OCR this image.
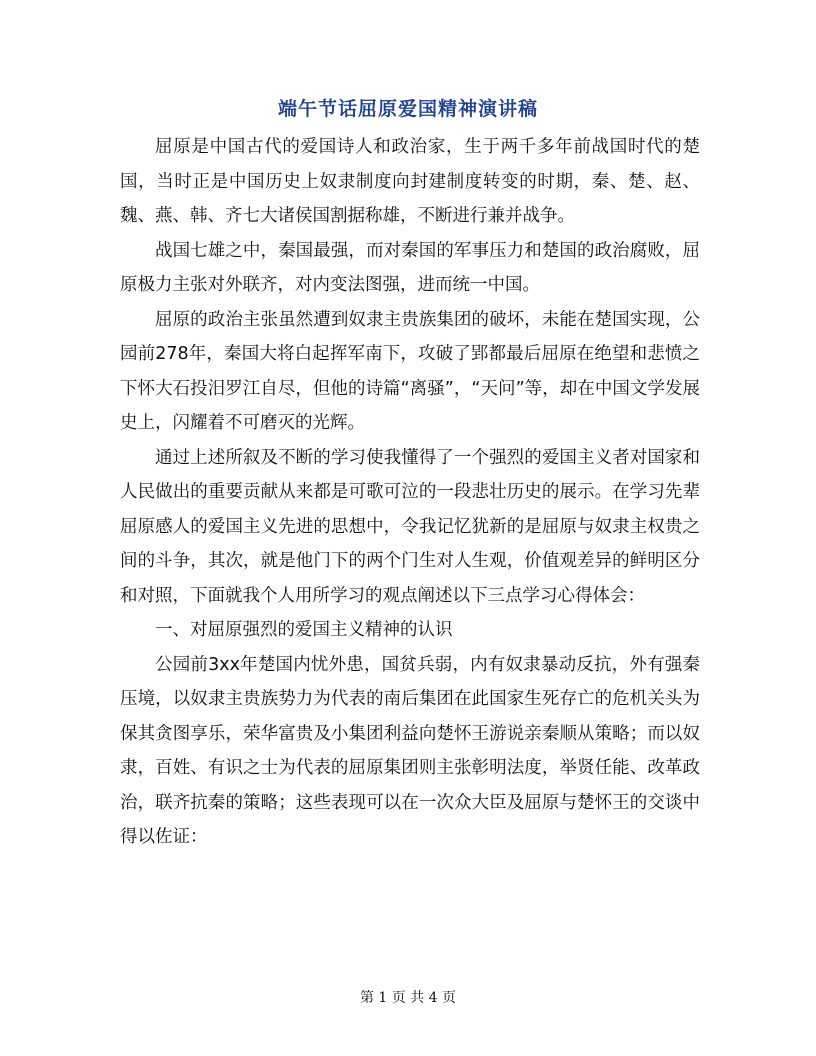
端午节话屈原爱国精神演讲稿

屈原是中国古代的爱国诗人和政治家，生于两千多年前战国时代的楚国，当时正是中国历史上奴隶制度向封建制度转变的时期，秦、楚、赵、魏、燕、韩、齐七大诸侯国割据称雄，不断进行兼并战争。

战国七雄之中，秦国最强，而对秦国的军事压力和楚国的政治腐败，屈原极力主张对外联齐，对内变法图强，进而统一中国。

屈原的政治主张虽然遭到奴隶主贵族集团的破坏，未能在楚国实现，公园前278年，秦国大将白起挥军南下，攻破了郢都最后屈原在绝望和悲愤之下怀大石投汨罗江自尽，但他的诗篇“离骚”，“天问”等，却在中国文学发展史上，闪耀着不可磨灭的光辉。

通过上述所叙及不断的学习使我懂得了一个强烈的爱国主义者对国家和人民做出的重要贡献从来都是可歌可泣的一段悲壮历史的展示。在学习先辈屈原感人的爱国主义先进的思想中，令我记忆犹新的是屈原与奴隶主权贵之间的斗争，其次，就是他门下的两个门生对人生观，价值观差异的鲜明区分和对照，下面就我个人用所学习的观点阐述以下三点学习心得体会：

一、对屈原强烈的爱国主义精神的认识

公园前3xx年楚国内忧外患，国贫兵弱，内有奴隶暴动反抗，外有强秦压境，以奴隶主贵族势力为代表的南后集团在此国家生死存亡的危机关头为保其贪图享乐，荣华富贵及小集团利益向楚怀王游说亲秦顺从策略；而以奴隶，百姓、有识之士为代表的屈原集团则主张彰明法度，举贤任能、改革政治，联齐抗秦的策略；这些表现可以在一次众大臣及屈原与楚怀王的交谈中得以佐证：

第 1 页 共 4 页
